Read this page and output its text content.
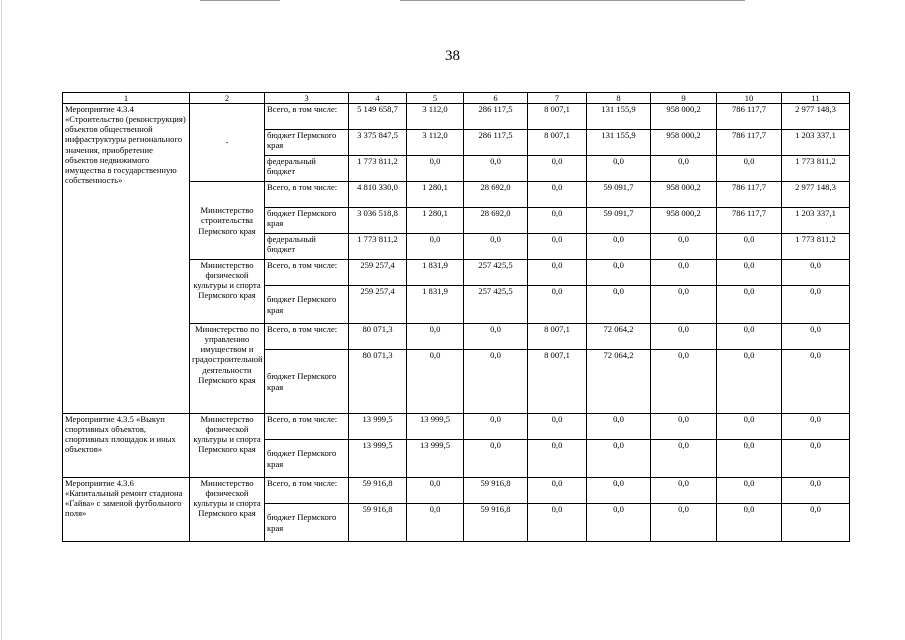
38
1	2	3	4	5	6	7	8	9	10	11
Мероприятие 4.3.4 «Строительство (реконструкция) объектов общественной инфраструктуры регионального значения, приобретение объектов недвижимого имущества в государственную собственность»	-	Всего, в том числе:	5 149 658,7	3 112,0	286 117,5	8 007,1	131 155,9	958 000,2	786 117,7	2 977 148,3
		бюджет Пермского края	3 375 847,5	3 112,0	286 117,5	8 007,1	131 155,9	958 000,2	786 117,7	1 203 337,1
		федеральный бюджет	1 773 811,2	0,0	0,0	0,0	0,0	0,0	0,0	1 773 811,2
	Министерство строительства Пермского края	Всего, в том числе:	4 810 330,0	1 280,1	28 692,0	0,0	59 091,7	958 000,2	786 117,7	2 977 148,3
		бюджет Пермского края	3 036 518,8	1 280,1	28 692,0	0,0	59 091,7	958 000,2	786 117,7	1 203 337,1
		федеральный бюджет	1 773 811,2	0,0	0,0	0,0	0,0	0,0	0,0	1 773 811,2
	Министерство физической культуры и спорта Пермского края	Всего, в том числе:	259 257,4	1 831,9	257 425,5	0,0	0,0	0,0	0,0	0,0
		бюджет Пермского края	259 257,4	1 831,9	257 425,5	0,0	0,0	0,0	0,0	0,0
	Министерство по управлению имуществом и градостроительной деятельности Пермского края	Всего, в том числе:	80 071,3	0,0	0,0	8 007,1	72 064,2	0,0	0,0	0,0
		бюджет Пермского края	80 071,3	0,0	0,0	8 007,1	72 064,2	0,0	0,0	0,0
Мероприятие 4.3.5 «Выкуп спортивных объектов, спортивных площадок и иных объектов»	Министерство физической культуры и спорта Пермского края	Всего, в том числе:	13 999,5	13 999,5	0,0	0,0	0,0	0,0	0,0	0,0
		бюджет Пермского края	13 999,5	13 999,5	0,0	0,0	0,0	0,0	0,0	0,0
Мероприятие 4.3.6 «Капитальный ремонт стадиона «Гайва» с заменой футбольного поля»	Министерство физической культуры и спорта Пермского края	Всего, в том числе:	59 916,8	0,0	59 916,8	0,0	0,0	0,0	0,0	0,0
		бюджет Пермского края	59 916,8	0,0	59 916,8	0,0	0,0	0,0	0,0	0,0
